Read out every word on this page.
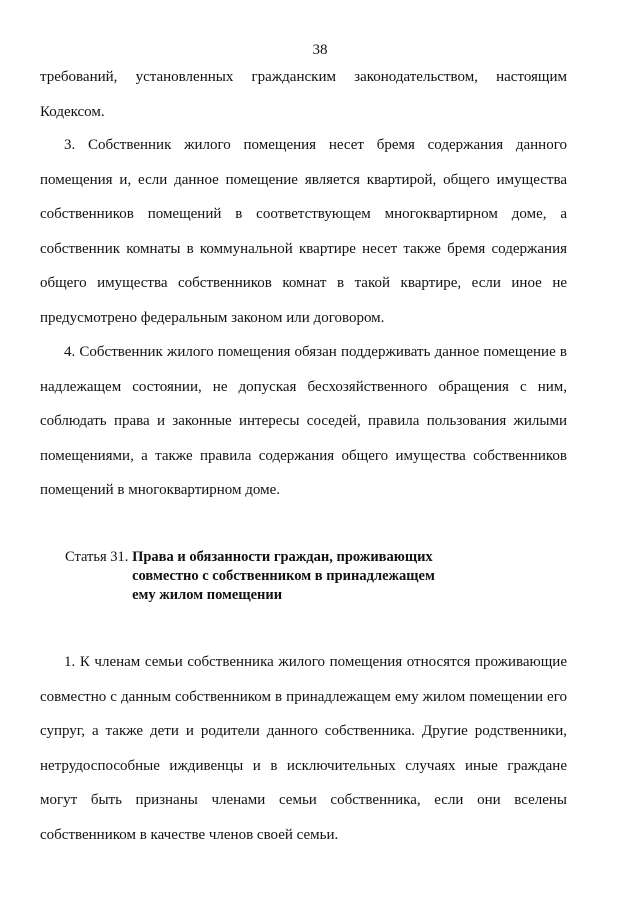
38

требований, установленных гражданским законодательством, настоящим Кодексом.

3. Собственник жилого помещения несет бремя содержания данного помещения и, если данное помещение является квартирой, общего имущества собственников помещений в соответствующем многоквартирном доме, а собственник комнаты в коммунальной квартире несет также бремя содержания общего имущества собственников комнат в такой квартире, если иное не предусмотрено федеральным законом или договором.

4. Собственник жилого помещения обязан поддерживать данное помещение в надлежащем состоянии, не допуская бесхозяйственного обращения с ним, соблюдать права и законные интересы соседей, правила пользования жилыми помещениями, а также правила содержания общего имущества собственников помещений в многоквартирном доме.

Статья 31. Права и обязанности граждан, проживающих
совместно с собственником в принадлежащем
ему жилом помещении

1. К членам семьи собственника жилого помещения относятся проживающие совместно с данным собственником в принадлежащем ему жилом помещении его супруг, а также дети и родители данного собственника. Другие родственники, нетрудоспособные иждивенцы и в исключительных случаях иные граждане могут быть признаны членами семьи собственника, если они вселены собственником в качестве членов своей семьи.
